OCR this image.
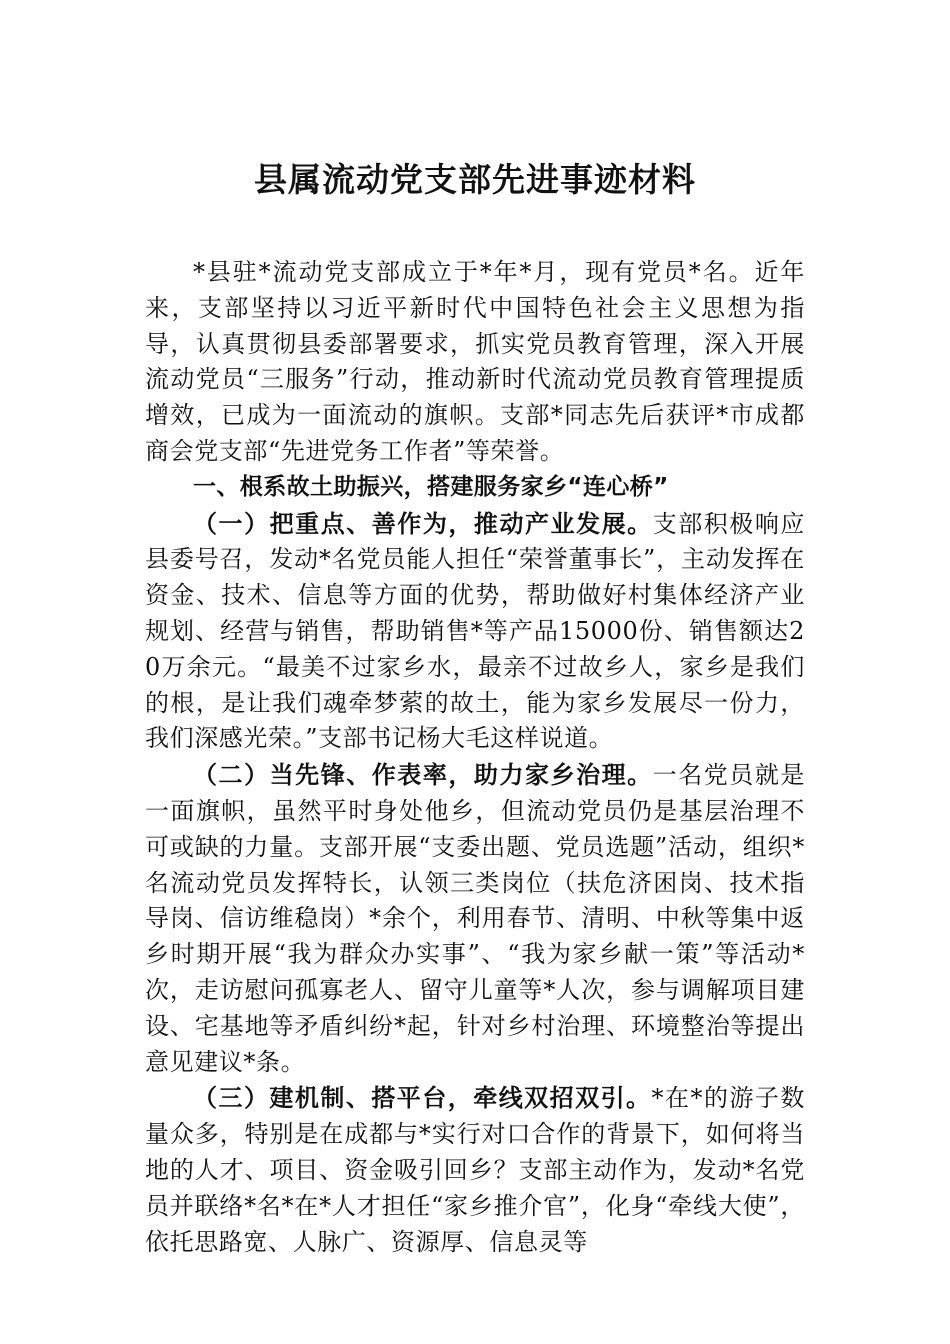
县属流动党支部先进事迹材料

*县驻*流动党支部成立于*年*月，现有党员*名。近年来，支部坚持以习近平新时代中国特色社会主义思想为指导，认真贯彻县委部署要求，抓实党员教育管理，深入开展流动党员“三服务”行动，推动新时代流动党员教育管理提质增效，已成为一面流动的旗帜。支部*同志先后获评*市成都商会党支部“先进党务工作者”等荣誉。

一、根系故土助振兴，搭建服务家乡“连心桥”

（一）把重点、善作为，推动产业发展。支部积极响应县委号召，发动*名党员能人担任“荣誉董事长”，主动发挥在资金、技术、信息等方面的优势，帮助做好村集体经济产业规划、经营与销售，帮助销售*等产品15000份、销售额达20万余元。“最美不过家乡水，最亲不过故乡人，家乡是我们的根，是让我们魂牵梦萦的故土，能为家乡发展尽一份力，我们深感光荣。”支部书记杨大毛这样说道。

（二）当先锋、作表率，助力家乡治理。一名党员就是一面旗帜，虽然平时身处他乡，但流动党员仍是基层治理不可或缺的力量。支部开展“支委出题、党员选题”活动，组织*名流动党员发挥特长，认领三类岗位（扶危济困岗、技术指导岗、信访维稳岗）*余个，利用春节、清明、中秋等集中返乡时期开展“我为群众办实事”、“我为家乡献一策”等活动*次，走访慰问孤寡老人、留守儿童等*人次，参与调解项目建设、宅基地等矛盾纠纷*起，针对乡村治理、环境整治等提出意见建议*条。

（三）建机制、搭平台，牵线双招双引。*在*的游子数量众多，特别是在成都与*实行对口合作的背景下，如何将当地的人才、项目、资金吸引回乡？支部主动作为，发动*名党员并联络*名*在*人才担任“家乡推介官”，化身“牵线大使”，依托思路宽、人脉广、资源厚、信息灵等
